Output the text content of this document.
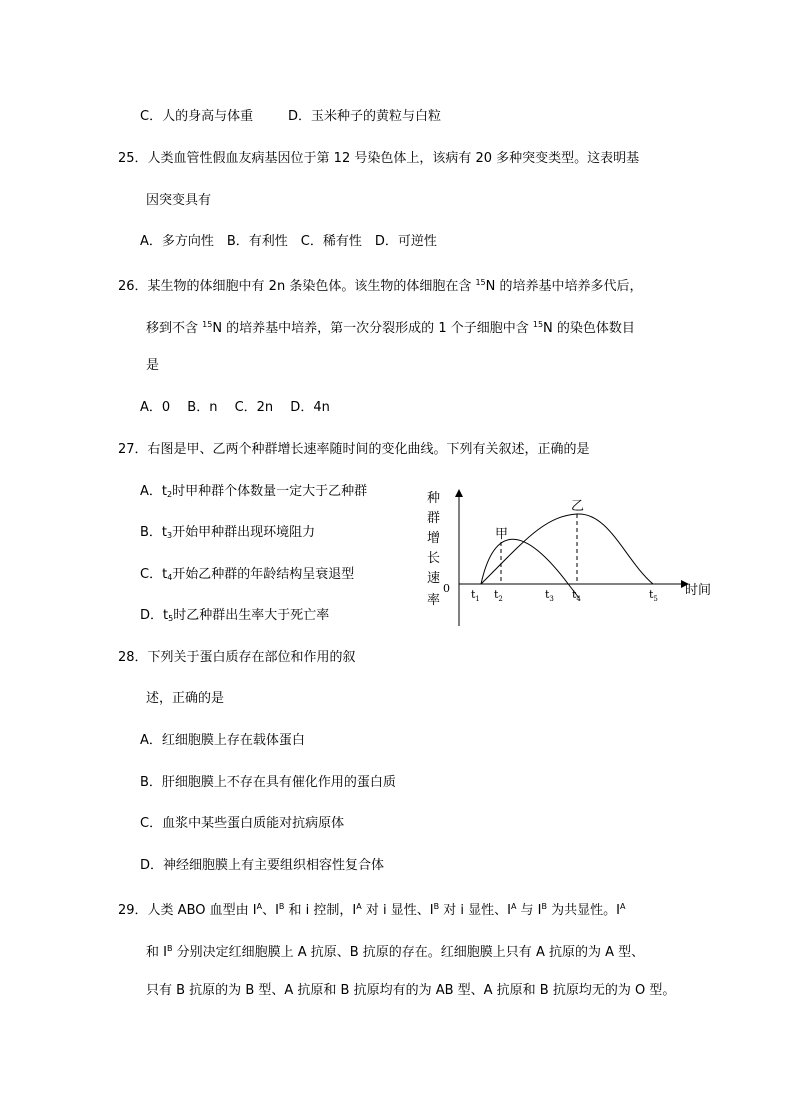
C．人的身高与体重	D．玉米种子的黄粒与白粒
25．人类血管性假血友病基因位于第 12 号染色体上，该病有 20 多种突变类型。这表明基
因突变具有
A．多方向性　B．有利性　C．稀有性　D．可逆性
26．某生物的体细胞中有 2n 条染色体。该生物的体细胞在含 $^{15}$N 的培养基中培养多代后，
移到不含 $^{15}$N 的培养基中培养，第一次分裂形成的 1 个子细胞中含 $^{15}$N 的染色体数目
是
A．0　 B．n　 C．2n　 D．4n
27．右图是甲、乙两个种群增长速率随时间的变化曲线。下列有关叙述，正确的是
A．$t_2$时甲种群个体数量一定大于乙种群
B．$t_3$开始甲种群出现环境阻力
C．$t_4$开始乙种群的年龄结构呈衰退型
D．$t_5$时乙种群出生率大于死亡率
种
群
增
长
速
率
0	时间
甲
乙
$t_1$ $t_2$	$t_3$ $t_4$	$t_5$
28．下列关于蛋白质存在部位和作用的叙
述，正确的是
A．红细胞膜上存在载体蛋白
B．肝细胞膜上不存在具有催化作用的蛋白质
C．血浆中某些蛋白质能对抗病原体
D．神经细胞膜上有主要组织相容性复合体
29．人类 ABO 血型由 $I^A$、$I^B$ 和 i 控制，$I^A$ 对 i 显性、$I^B$ 对 i 显性、$I^A$ 与 $I^B$ 为共显性。$I^A$
和 $I^B$ 分别决定红细胞膜上 A 抗原、B 抗原的存在。红细胞膜上只有 A 抗原的为 A 型、
只有 B 抗原的为 B 型、A 抗原和 B 抗原均有的为 AB 型、A 抗原和 B 抗原均无的为 O 型。
